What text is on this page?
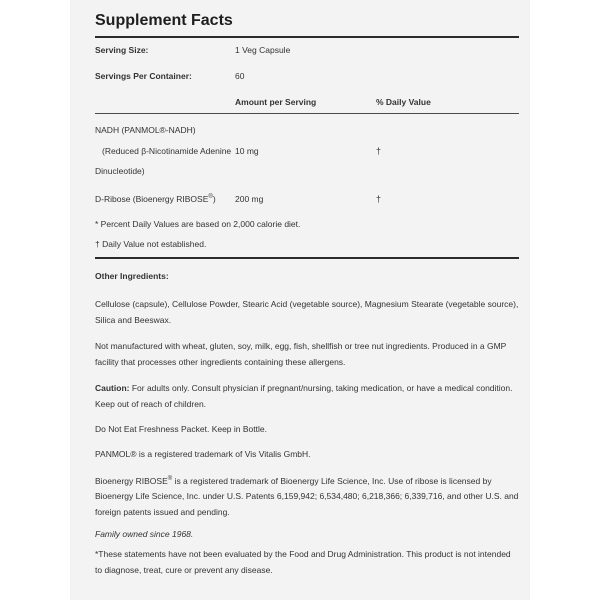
Supplement Facts
Serving Size:	1 Veg Capsule
Servings Per Container:	60
Amount per Serving	% Daily Value
NADH (PANMOL®-NADH)
(Reduced β-Nicotinamide Adenine 10 mg	†
Dinucleotide)
D-Ribose (Bioenergy RIBOSE®) 200 mg	†
* Percent Daily Values are based on 2,000 calorie diet.
† Daily Value not established.
Other Ingredients:
Cellulose (capsule), Cellulose Powder, Stearic Acid (vegetable source), Magnesium Stearate (vegetable source), Silica and Beeswax.
Not manufactured with wheat, gluten, soy, milk, egg, fish, shellfish or tree nut ingredients. Produced in a GMP facility that processes other ingredients containing these allergens.
Caution: For adults only. Consult physician if pregnant/nursing, taking medication, or have a medical condition. Keep out of reach of children.
Do Not Eat Freshness Packet. Keep in Bottle.
PANMOL® is a registered trademark of Vis Vitalis GmbH.
Bioenergy RIBOSE® is a registered trademark of Bioenergy Life Science, Inc. Use of ribose is licensed by Bioenergy Life Science, Inc. under U.S. Patents 6,159,942; 6,534,480; 6,218,366; 6,339,716, and other U.S. and foreign patents issued and pending.
Family owned since 1968.
*These statements have not been evaluated by the Food and Drug Administration. This product is not intended to diagnose, treat, cure or prevent any disease.
